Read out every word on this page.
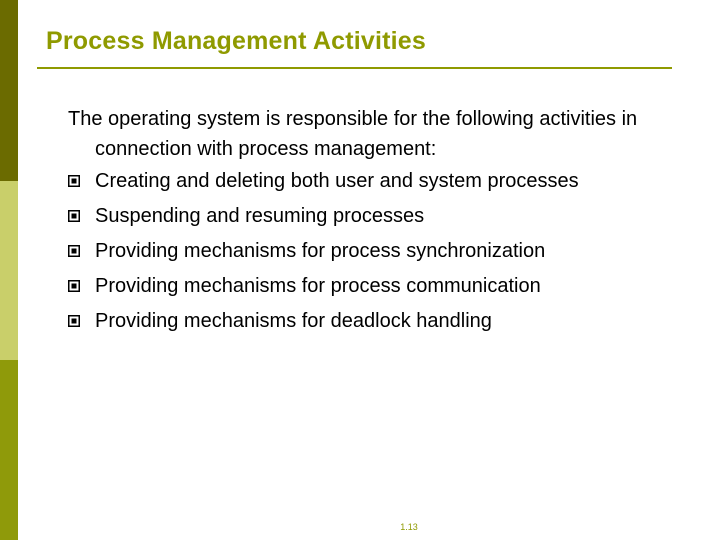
Process Management Activities
The operating system is responsible for the following activities in connection with process management:
Creating and deleting both user and system processes
Suspending and resuming processes
Providing mechanisms for process synchronization
Providing mechanisms for process communication
Providing mechanisms for deadlock handling
1.13
